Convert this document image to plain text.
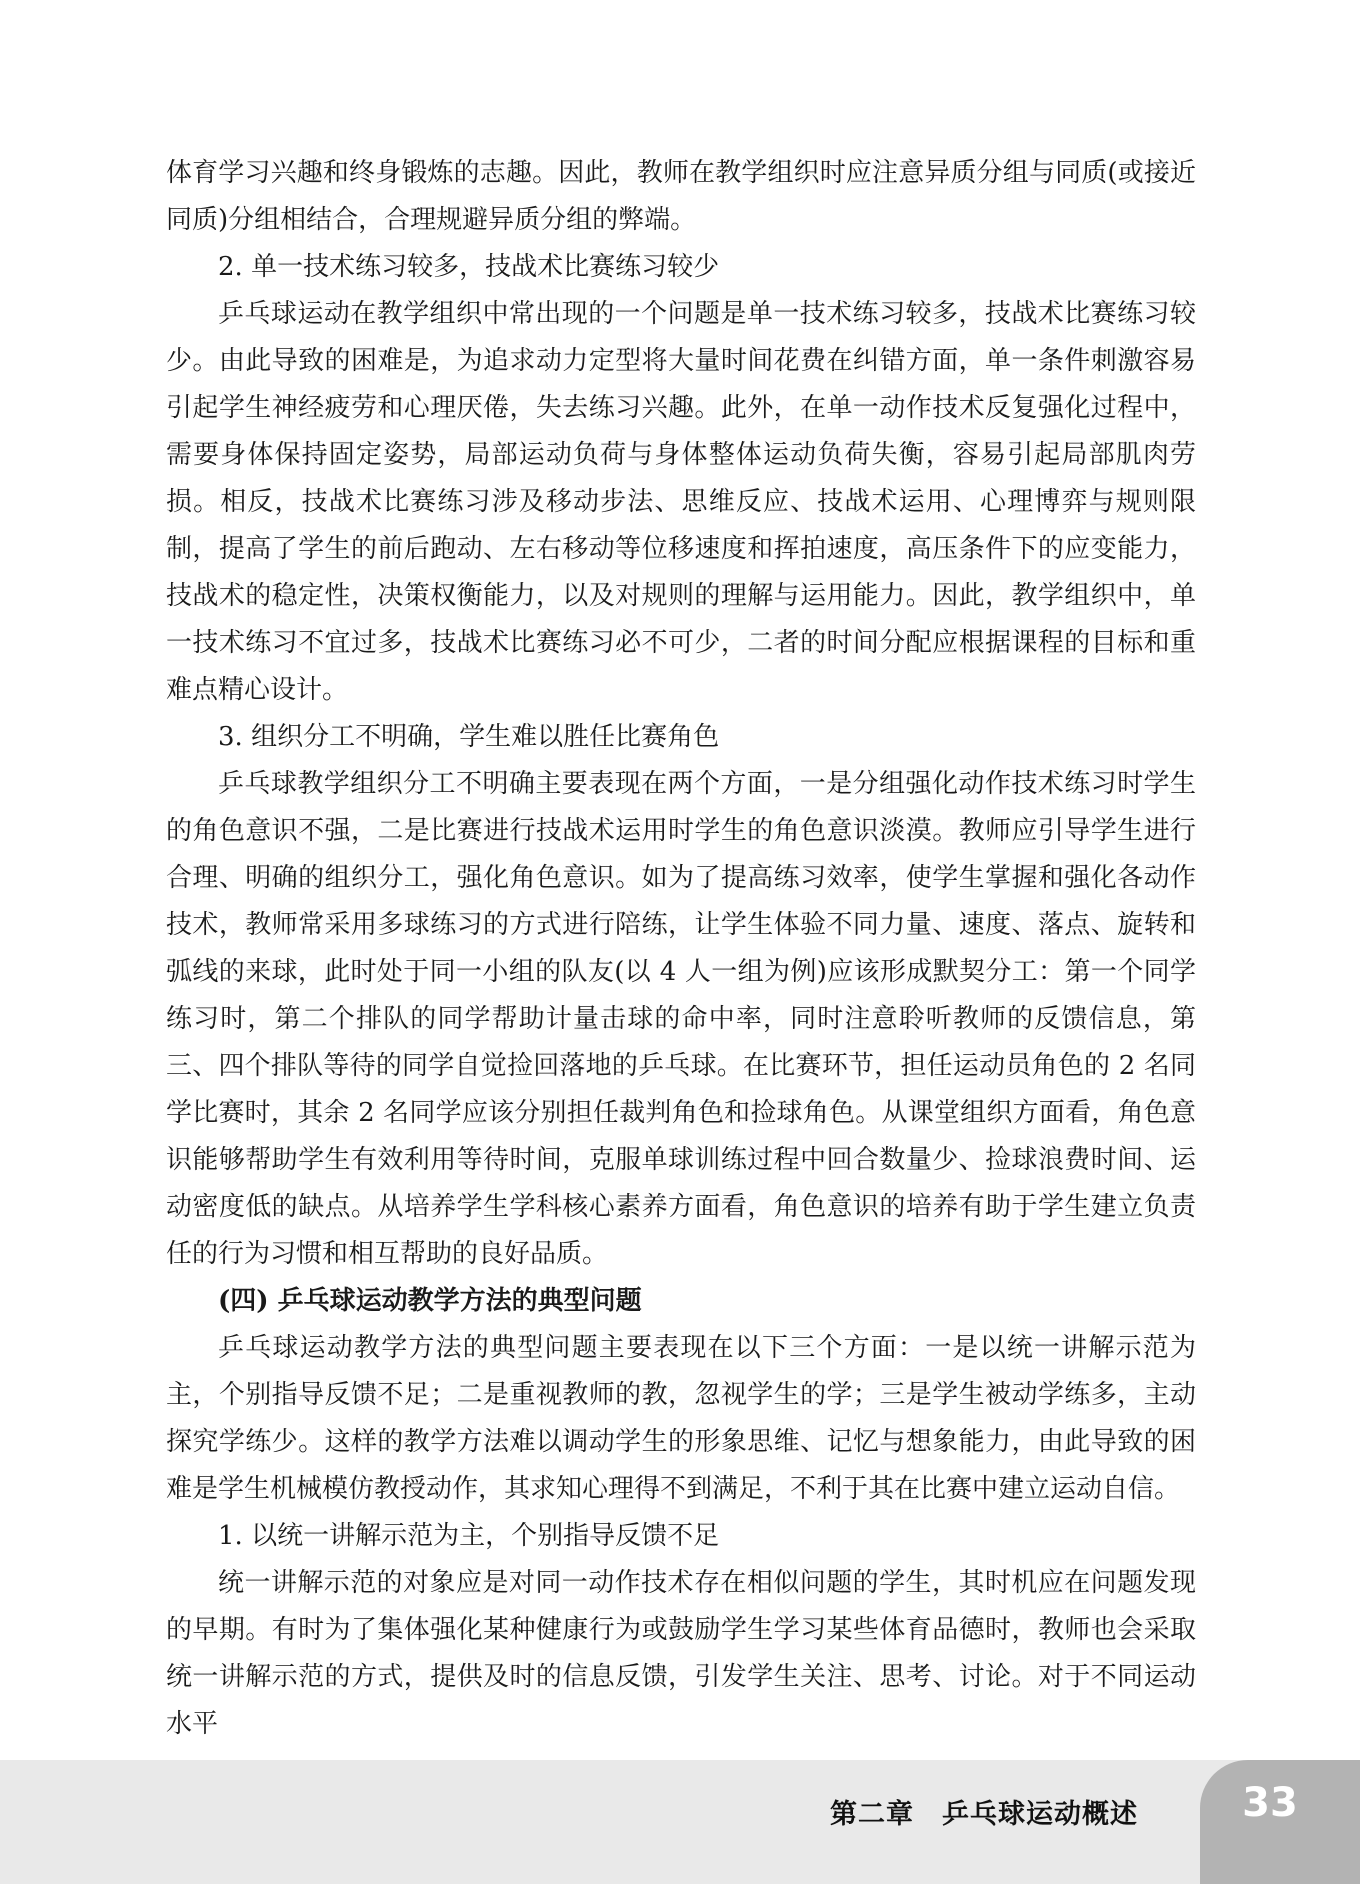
体育学习兴趣和终身锻炼的志趣。因此，教师在教学组织时应注意异质分组与同质(或接近同质)分组相结合，合理规避异质分组的弊端。

2. 单一技术练习较多，技战术比赛练习较少

乒乓球运动在教学组织中常出现的一个问题是单一技术练习较多，技战术比赛练习较少。由此导致的困难是，为追求动力定型将大量时间花费在纠错方面，单一条件刺激容易引起学生神经疲劳和心理厌倦，失去练习兴趣。此外，在单一动作技术反复强化过程中，需要身体保持固定姿势，局部运动负荷与身体整体运动负荷失衡，容易引起局部肌肉劳损。相反，技战术比赛练习涉及移动步法、思维反应、技战术运用、心理博弈与规则限制，提高了学生的前后跑动、左右移动等位移速度和挥拍速度，高压条件下的应变能力，技战术的稳定性，决策权衡能力，以及对规则的理解与运用能力。因此，教学组织中，单一技术练习不宜过多，技战术比赛练习必不可少，二者的时间分配应根据课程的目标和重难点精心设计。

3. 组织分工不明确，学生难以胜任比赛角色

乒乓球教学组织分工不明确主要表现在两个方面，一是分组强化动作技术练习时学生的角色意识不强，二是比赛进行技战术运用时学生的角色意识淡漠。教师应引导学生进行合理、明确的组织分工，强化角色意识。如为了提高练习效率，使学生掌握和强化各动作技术，教师常采用多球练习的方式进行陪练，让学生体验不同力量、速度、落点、旋转和弧线的来球，此时处于同一小组的队友(以 4 人一组为例)应该形成默契分工：第一个同学练习时，第二个排队的同学帮助计量击球的命中率，同时注意聆听教师的反馈信息，第三、四个排队等待的同学自觉捡回落地的乒乓球。在比赛环节，担任运动员角色的 2 名同学比赛时，其余 2 名同学应该分别担任裁判角色和捡球角色。从课堂组织方面看，角色意识能够帮助学生有效利用等待时间，克服单球训练过程中回合数量少、捡球浪费时间、运动密度低的缺点。从培养学生学科核心素养方面看，角色意识的培养有助于学生建立负责任的行为习惯和相互帮助的良好品质。

(四) 乒乓球运动教学方法的典型问题

乒乓球运动教学方法的典型问题主要表现在以下三个方面：一是以统一讲解示范为主，个别指导反馈不足；二是重视教师的教，忽视学生的学；三是学生被动学练多，主动探究学练少。这样的教学方法难以调动学生的形象思维、记忆与想象能力，由此导致的困难是学生机械模仿教授动作，其求知心理得不到满足，不利于其在比赛中建立运动自信。

1. 以统一讲解示范为主，个别指导反馈不足

统一讲解示范的对象应是对同一动作技术存在相似问题的学生，其时机应在问题发现的早期。有时为了集体强化某种健康行为或鼓励学生学习某些体育品德时，教师也会采取统一讲解示范的方式，提供及时的信息反馈，引发学生关注、思考、讨论。对于不同运动水平

第二章　乒乓球运动概述	33
